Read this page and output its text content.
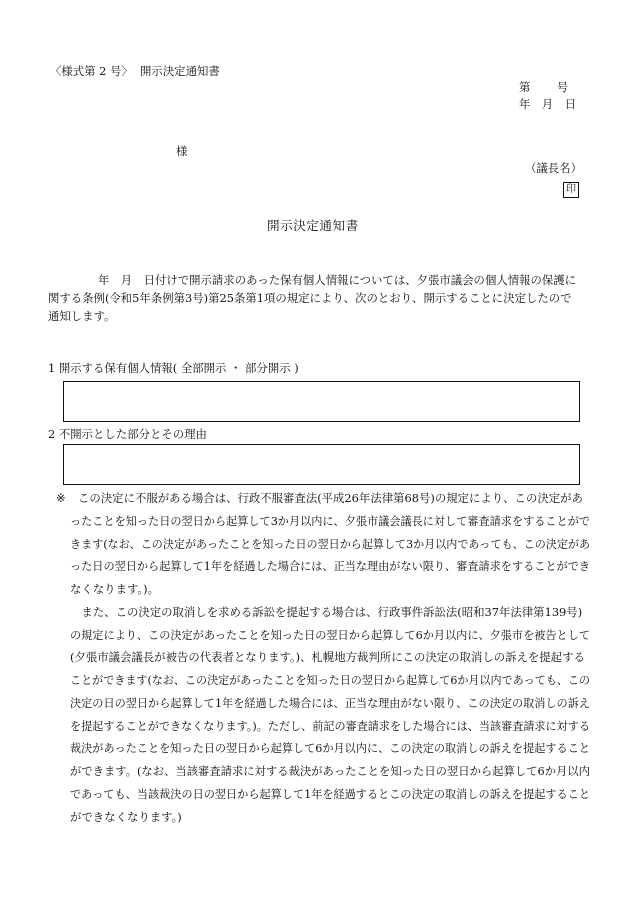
〈様式第 2 号〉 開示決定通知書
第　　 号
年　月　日
様
（議長名）
印
開示決定通知書
年　月　日付けで開示請求のあった保有個人情報については、夕張市議会の個人情報の保護に
関する条例(令和5年条例第3号)第25条第1項の規定により、次のとおり、開示することに決定したので
通知します。
1 開示する保有個人情報( 全部開示 ・ 部分開示 )
2 不開示とした部分とその理由
※ この決定に不服がある場合は、行政不服審査法(平成26年法律第68号)の規定により、この決定があ
ったことを知った日の翌日から起算して3か月以内に、夕張市議会議長に対して審査請求をすることがで
きます(なお、この決定があったことを知った日の翌日から起算して3か月以内であっても、この決定があ
った日の翌日から起算して1年を経過した場合には、正当な理由がない限り、審査請求をすることができ
なくなります。)。
　また、この決定の取消しを求める訴訟を提起する場合は、行政事件訴訟法(昭和37年法律第139号)
の規定により、この決定があったことを知った日の翌日から起算して6か月以内に、夕張市を被告として
(夕張市議会議長が被告の代表者となります。)、札幌地方裁判所にこの決定の取消しの訴えを提起する
ことができます(なお、この決定があったことを知った日の翌日から起算して6か月以内であっても、この
決定の日の翌日から起算して1年を経過した場合には、正当な理由がない限り、この決定の取消しの訴え
を提起することができなくなります。)。ただし、前記の審査請求をした場合には、当該審査請求に対する
裁決があったことを知った日の翌日から起算して6か月以内に、この決定の取消しの訴えを提起すること
ができます。(なお、当該審査請求に対する裁決があったことを知った日の翌日から起算して6か月以内
であっても、当該裁決の日の翌日から起算して1年を経過するとこの決定の取消しの訴えを提起すること
ができなくなります。)
